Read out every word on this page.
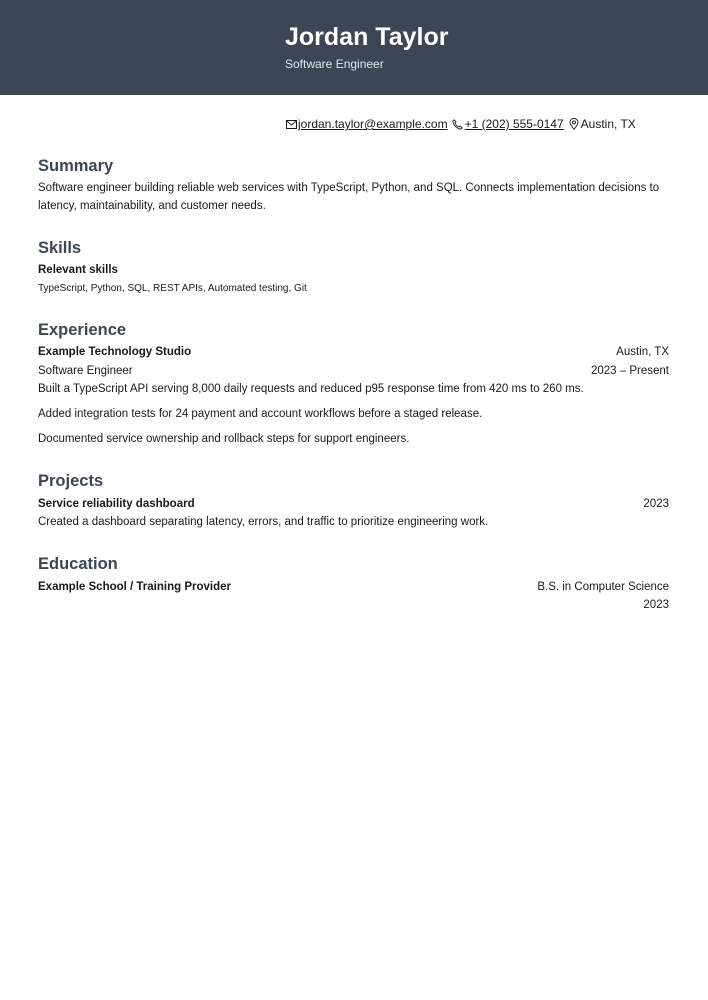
Jordan Taylor
Software Engineer
jordan.taylor@example.com +1 (202) 555-0147 Austin, TX
Summary
Software engineer building reliable web services with TypeScript, Python, and SQL. Connects implementation decisions to latency, maintainability, and customer needs.
Skills
Relevant skills
TypeScript, Python, SQL, REST APIs, Automated testing, Git
Experience
Example Technology Studio	Austin, TX
Software Engineer	2023 – Present
Built a TypeScript API serving 8,000 daily requests and reduced p95 response time from 420 ms to 260 ms.
Added integration tests for 24 payment and account workflows before a staged release.
Documented service ownership and rollback steps for support engineers.
Projects
Service reliability dashboard	2023
Created a dashboard separating latency, errors, and traffic to prioritize engineering work.
Education
Example School / Training Provider	B.S. in Computer Science
2023
